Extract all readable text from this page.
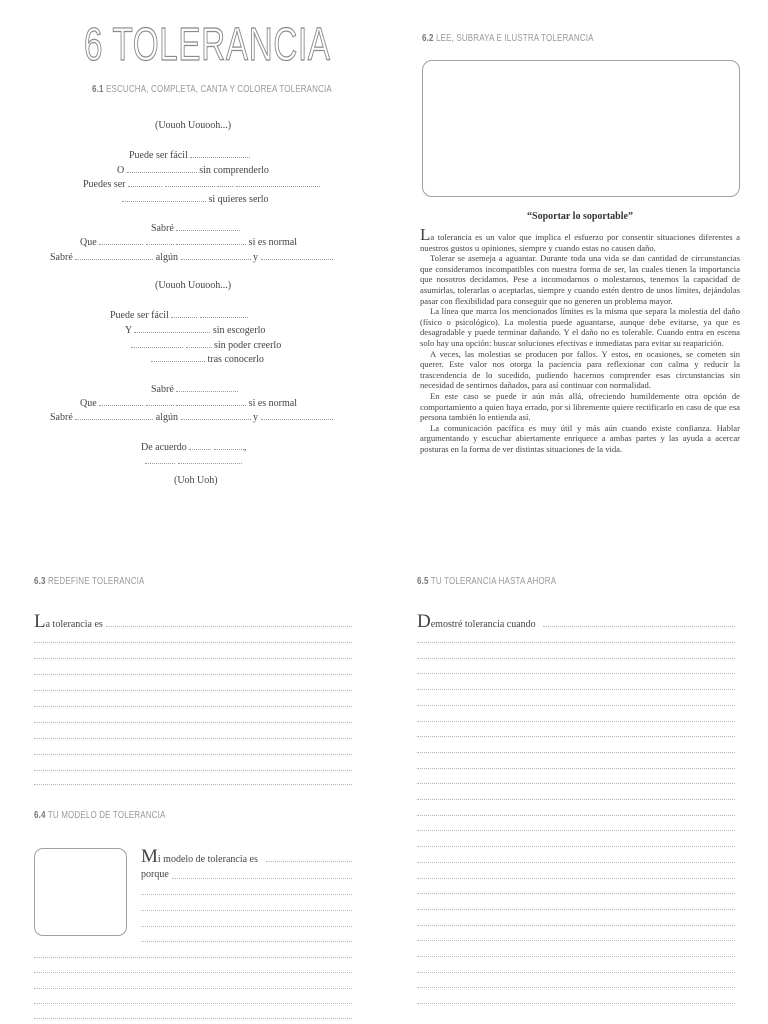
6 TOLERANCIA
6.1 ESCUCHA, COMPLETA, CANTA Y COLOREA TOLERANCIA
6.2 LEE, SUBRAYA E ILUSTRA TOLERANCIA
(Uouoh Uouooh...)
Puede ser fácil
O	sin comprenderlo
Puedes ser
si quieres serlo
Sabré
Que	si es normal
Sabré	algún	y
(Uouoh Uouooh...)
Puede ser fácil
Y	sin escogerlo
sin poder creerlo
tras conocerlo
Sabré
Que	si es normal
Sabré	algún	y
De acuerdo	,

(Uoh Uoh)
“Soportar lo soportable”

La tolerancia es un valor que implica el esfuerzo por consentir situaciones diferentes a nuestros gustos u opiniones, siempre y cuando estas no causen daño.

Tolerar se asemeja a aguantar. Durante toda una vida se dan cantidad de circunstancias que consideramos incompatibles con nuestra forma de ser, las cuales tienen la importancia que nosotros decidamos. Pese a incomodarnos o molestarnos, tenemos la capacidad de asumirlas, tolerarlas o aceptarlas, siempre y cuando estén dentro de unos límites, dejándolas pasar con flexibilidad para conseguir que no generen un problema mayor.

La línea que marca los mencionados límites es la misma que separa la molestia del daño (físico o psicológico). La molestia puede aguantarse, aunque debe evitarse, ya que es desagradable y puede terminar dañando. Y el daño no es tolerable. Cuando entra en escena solo hay una opción: buscar soluciones efectivas e inmediatas para evitar su reaparición.

A veces, las molestias se producen por fallos. Y estos, en ocasiones, se cometen sin querer. Este valor nos otorga la paciencia para reflexionar con calma y reducir la trascendencia de lo sucedido, pudiendo hacernos comprender esas circunstancias sin necesidad de sentirnos dañados, para así continuar con normalidad.

En este caso se puede ir aún más allá, ofreciendo humildemente otra opción de comportamiento a quien haya errado, por si libremente quiere rectificarlo en caso de que esa persona también lo entienda así.

La comunicación pacífica es muy útil y más aún cuando existe confianza. Hablar argumentando y escuchar abiertamente enriquece a ambas partes y las ayuda a acercar posturas en la forma de ver distintas situaciones de la vida.

6.3 REDEFINE TOLERANCIA
La tolerancia es
6.4 TU MODELO DE TOLERANCIA
Mi modelo de tolerancia es
porque
6.5 TU TOLERANCIA HASTA AHORA
Demostré tolerancia cuando
